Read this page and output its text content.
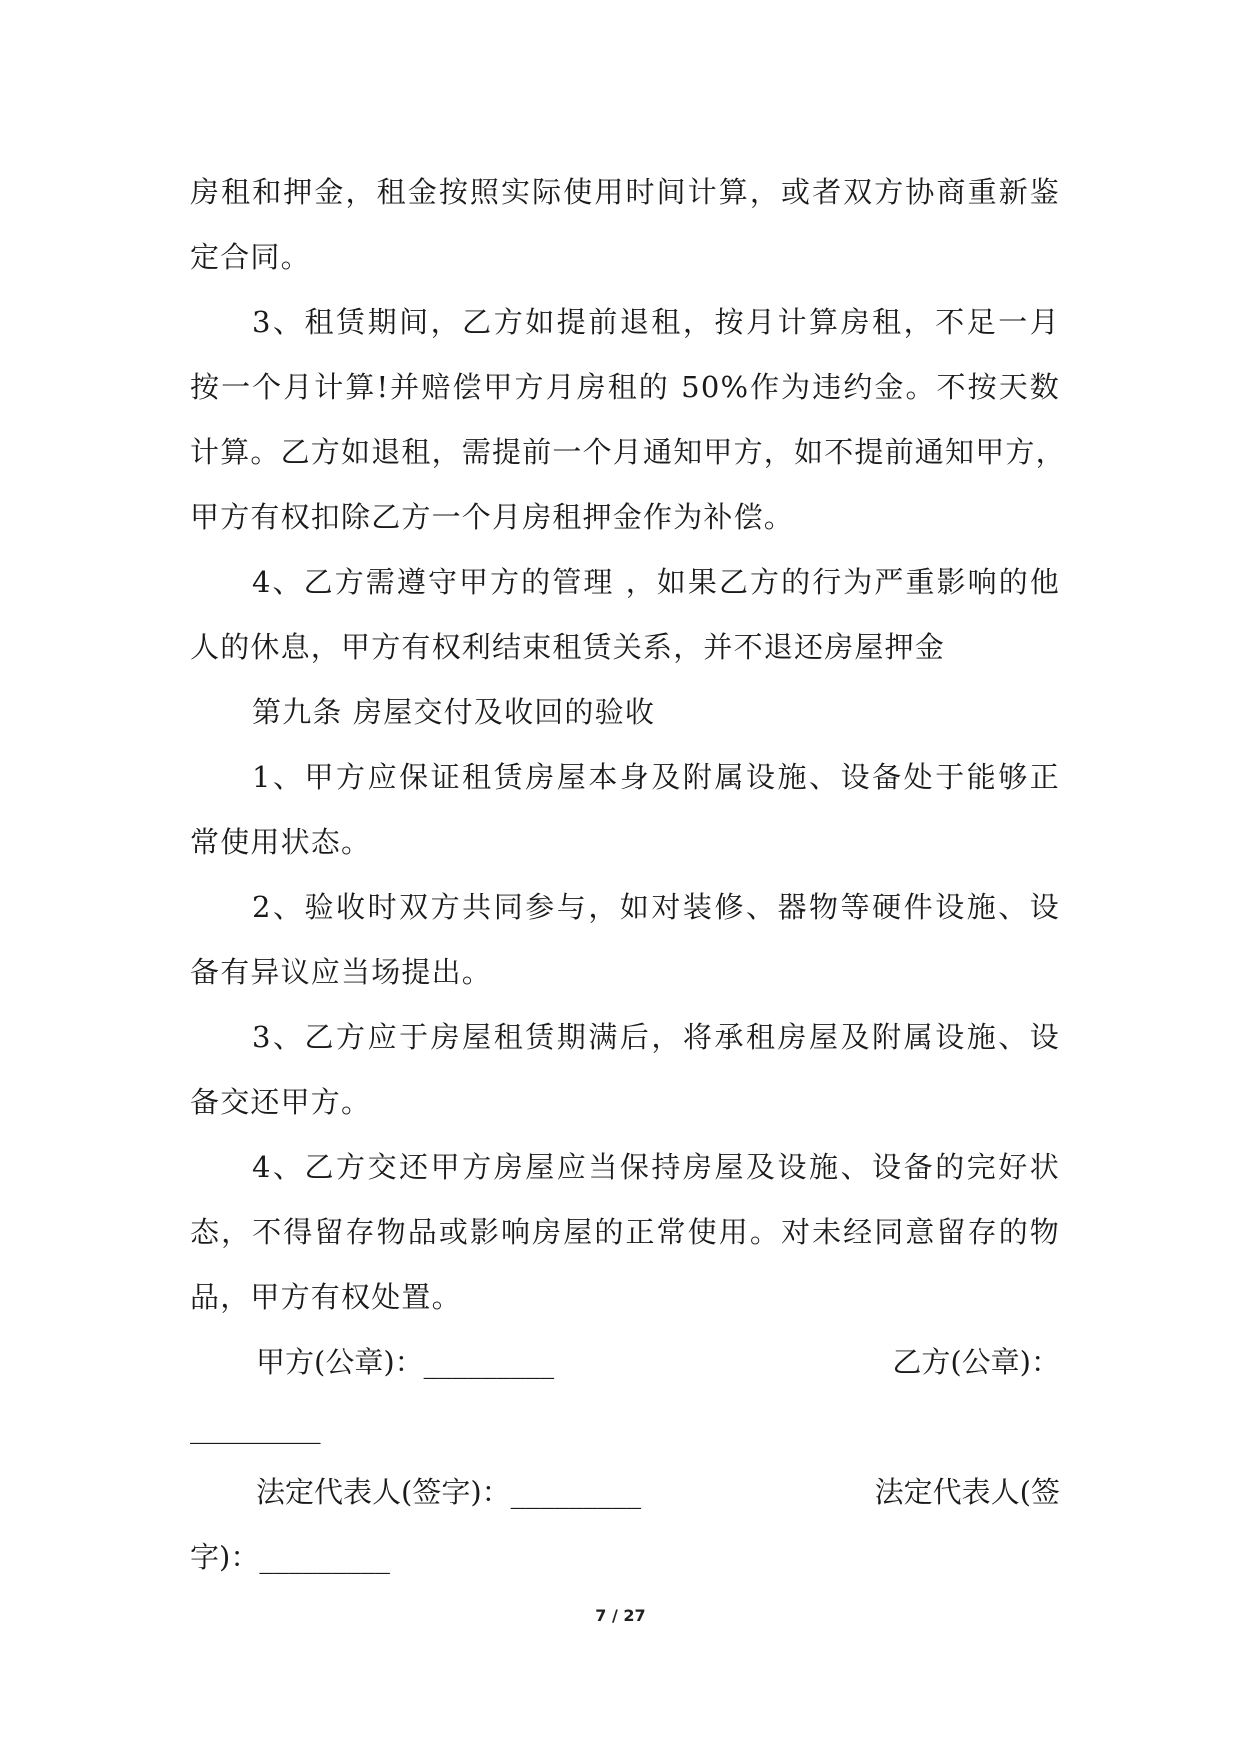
房租和押金，租金按照实际使用时间计算，或者双方协商重新鉴
定合同。
3、租赁期间，乙方如提前退租，按月计算房租，不足一月
按一个月计算!并赔偿甲方月房租的 50%作为违约金。不按天数
计算。乙方如退租，需提前一个月通知甲方，如不提前通知甲方，
甲方有权扣除乙方一个月房租押金作为补偿。
4、乙方需遵守甲方的管理 ，如果乙方的行为严重影响的他
人的休息，甲方有权利结束租赁关系，并不退还房屋押金
第九条 房屋交付及收回的验收
1、甲方应保证租赁房屋本身及附属设施、设备处于能够正
常使用状态。
2、验收时双方共同参与，如对装修、器物等硬件设施、设
备有异议应当场提出。
3、乙方应于房屋租赁期满后，将承租房屋及附属设施、设
备交还甲方。
4、乙方交还甲方房屋应当保持房屋及设施、设备的完好状
态，不得留存物品或影响房屋的正常使用。对未经同意留存的物
品，甲方有权处置。
甲方(公章)：_________	乙方(公章)：
_________
法定代表人(签字)：_________	法定代表人(签
字)：_________
7 / 27
